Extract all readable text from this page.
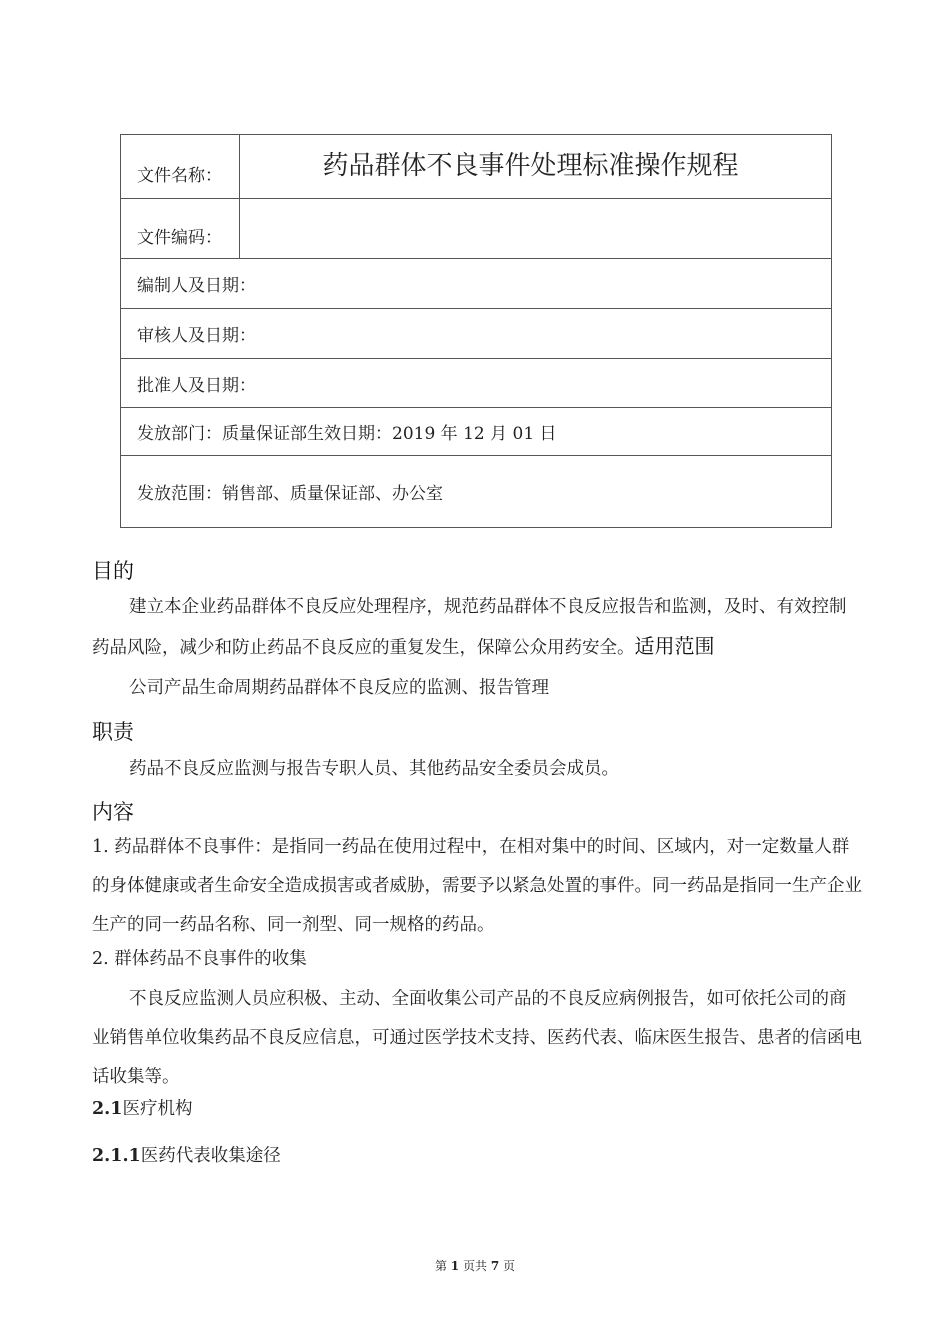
文件名称：	药品群体不良事件处理标准操作规程

文件编码：	
编制人及日期：	
审核人及日期：	
批准人及日期：	
发放部门：质量保证部生效日期：2019 年 12 月 01 日	
发放范围：销售部、质量保证部、办公室	
目的
建立本企业药品群体不良反应处理程序，规范药品群体不良反应报告和监测，及时、有效控制药品风险，减少和防止药品不良反应的重复发生，保障公众用药安全。适用范围
公司产品生命周期药品群体不良反应的监测、报告管理
职责
药品不良反应监测与报告专职人员、其他药品安全委员会成员。
内容
1. 药品群体不良事件：是指同一药品在使用过程中，在相对集中的时间、区域内，对一定数量人群的身体健康或者生命安全造成损害或者威胁，需要予以紧急处置的事件。同一药品是指同一生产企业生产的同一药品名称、同一剂型、同一规格的药品。
2. 群体药品不良事件的收集
不良反应监测人员应积极、主动、全面收集公司产品的不良反应病例报告，如可依托公司的商业销售单位收集药品不良反应信息，可通过医学技术支持、医药代表、临床医生报告、患者的信函电话收集等。
2.1医疗机构
2.1.1医药代表收集途径
第 1 页共 7 页
